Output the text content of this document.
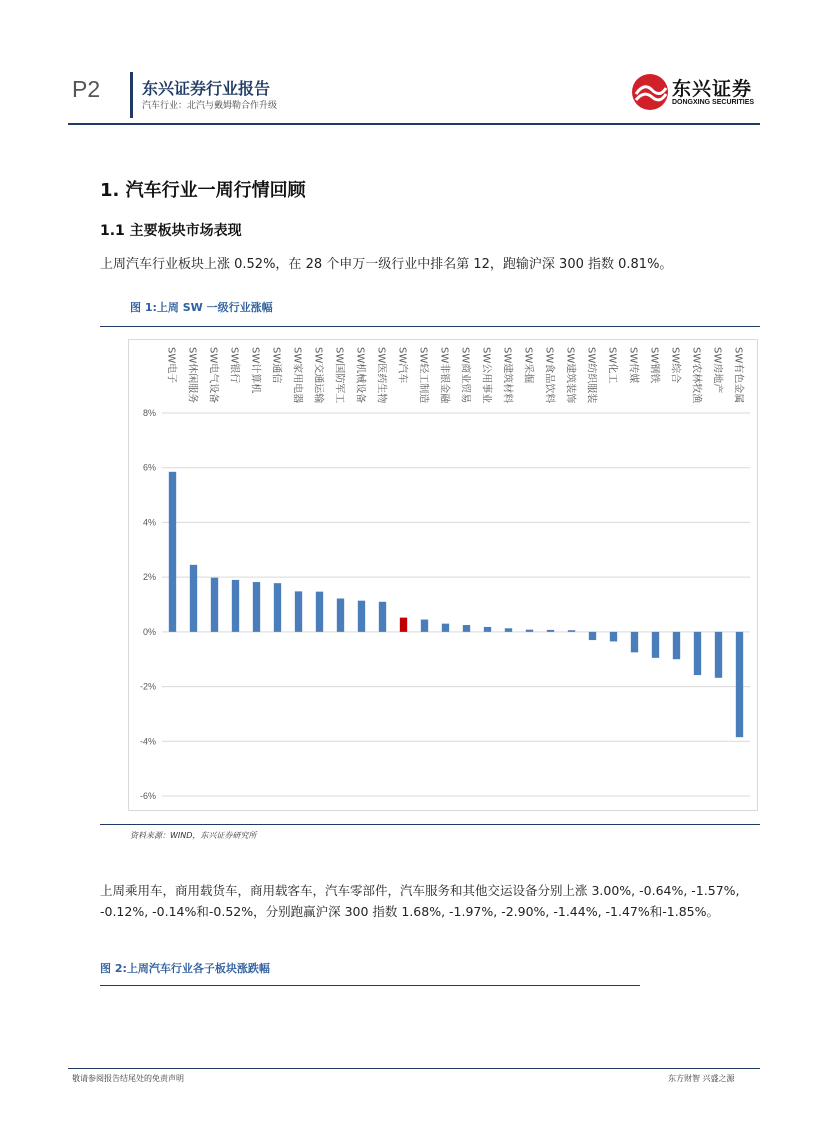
P2	东兴证券行业报告
汽车行业：北汽与戴姆勒合作升级
东兴证券
DONGXING SECURITIES
1. 汽车行业一周行情回顾
1.1 主要板块市场表现
上周汽车行业板块上涨 0.52%，在 28 个申万一级行业中排名第 12，跑输沪深 300 指数 0.81%。
图 1:上周 SW 一级行业涨幅
-6%
-4%
-2%
0%
2%
4%
6%
8%
SW电子 SW休闲服务 SW电气设备 SW银行 SW计算机 SW通信 SW家用电器 SW交通运输 SW国防军工 SW机械设备 SW医药生物 SW汽车 SW轻工制造 SW非银金融 SW商业贸易 SW公用事业 SW建筑材料 SW采掘 SW食品饮料 SW建筑装饰 SW纺织服装 SW化工 SW传媒 SW钢铁 SW综合 SW农林牧渔 SW房地产 SW有色金属
资料来源：WIND，东兴证券研究所
上周乘用车，商用载货车，商用载客车，汽车零部件，汽车服务和其他交运设备分别上涨 3.00%, -0.64%, -1.57%, -0.12%, -0.14%和-0.52%，分别跑赢沪深 300 指数 1.68%, -1.97%, -2.90%, -1.44%, -1.47%和-1.85%。
图 2:上周汽车行业各子板块涨跌幅
敬请参阅报告结尾处的免责声明	东方财智 兴盛之源
